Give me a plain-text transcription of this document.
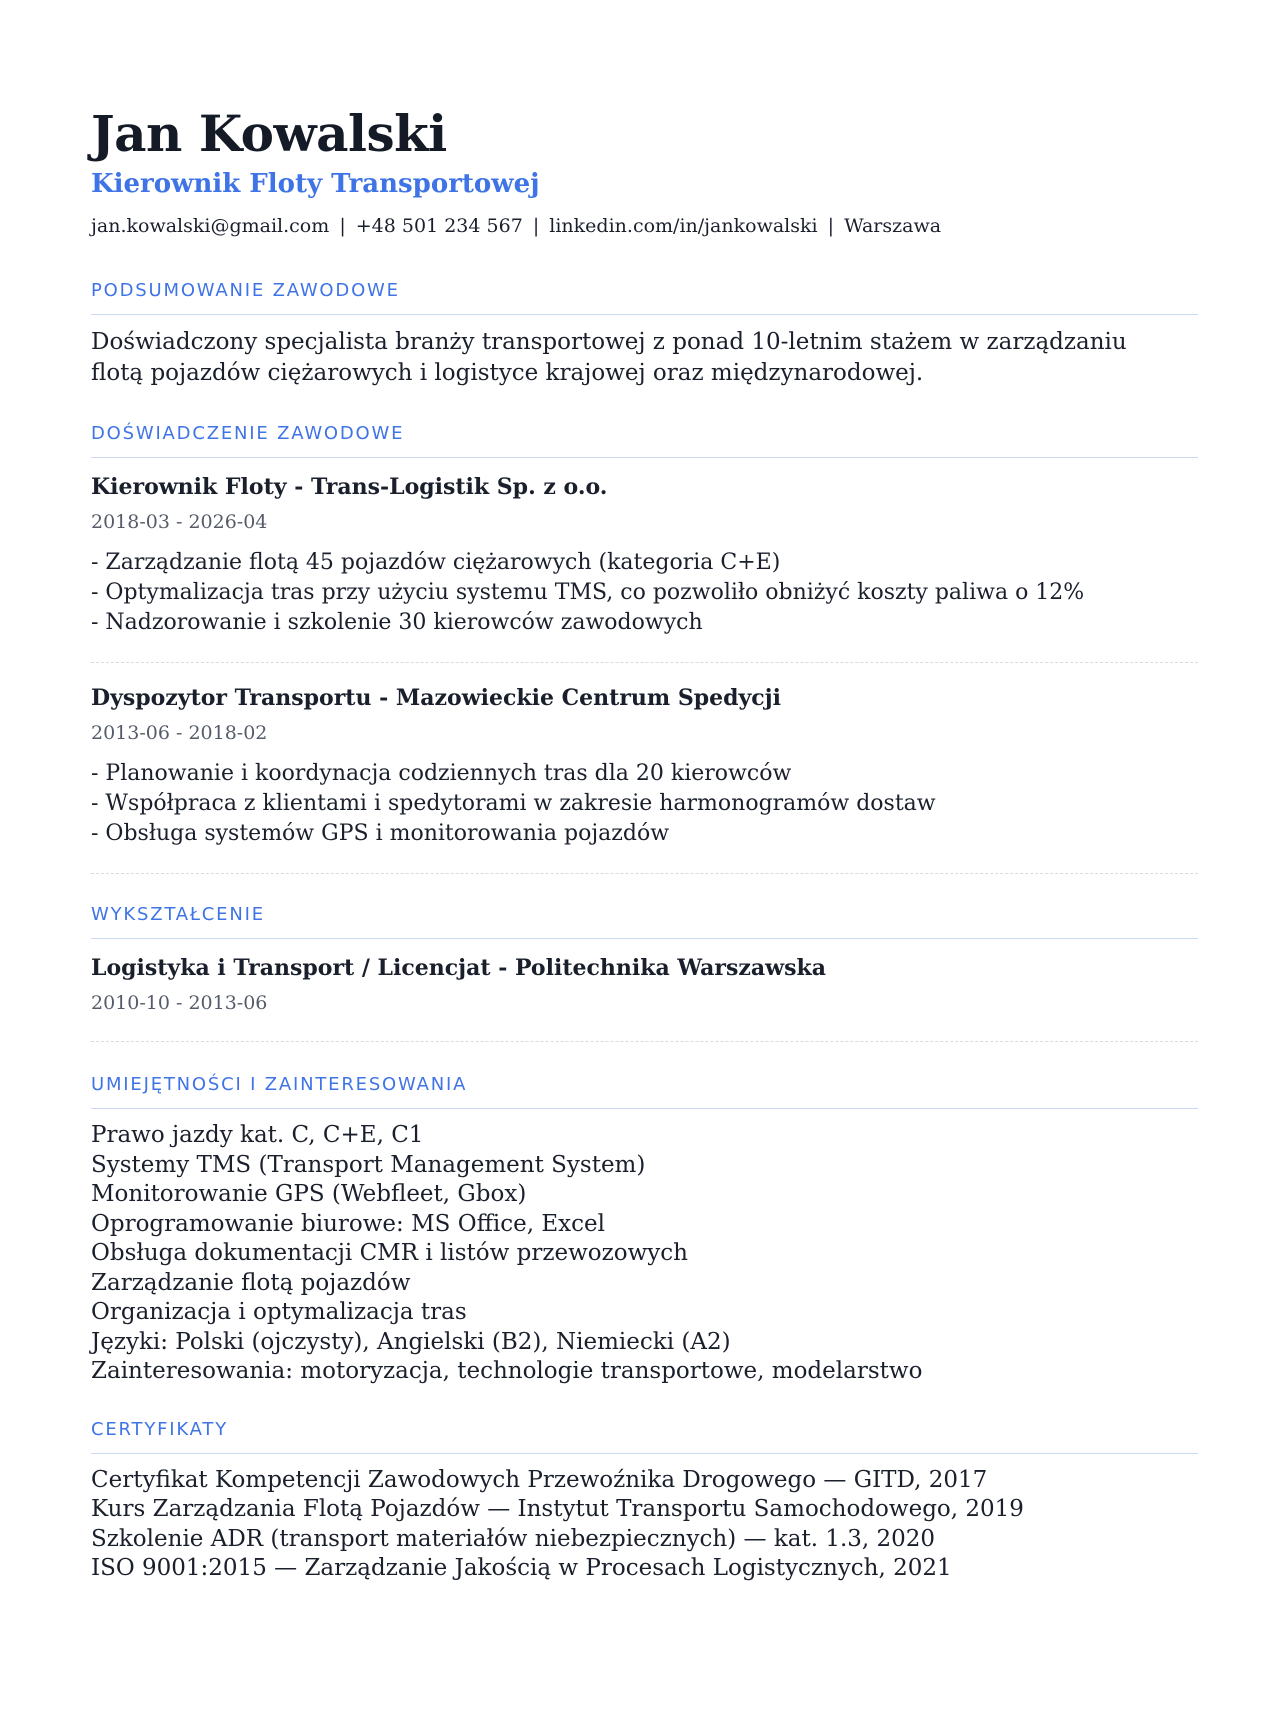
Jan Kowalski
Kierownik Floty Transportowej
jan.kowalski@gmail.com | +48 501 234 567 | linkedin.com/in/jankowalski | Warszawa
PODSUMOWANIE ZAWODOWE
Doświadczony specjalista branży transportowej z ponad 10-letnim stażem w zarządzaniu
flotą pojazdów ciężarowych i logistyce krajowej oraz międzynarodowej.
DOŚWIADCZENIE ZAWODOWE
Kierownik Floty - Trans-Logistik Sp. z o.o.
2018-03 - 2026-04
- Zarządzanie flotą 45 pojazdów ciężarowych (kategoria C+E)
- Optymalizacja tras przy użyciu systemu TMS, co pozwoliło obniżyć koszty paliwa o 12%
- Nadzorowanie i szkolenie 30 kierowców zawodowych
Dyspozytor Transportu - Mazowieckie Centrum Spedycji
2013-06 - 2018-02
- Planowanie i koordynacja codziennych tras dla 20 kierowców
- Współpraca z klientami i spedytorami w zakresie harmonogramów dostaw
- Obsługa systemów GPS i monitorowania pojazdów
WYKSZTAŁCENIE
Logistyka i Transport / Licencjat - Politechnika Warszawska
2010-10 - 2013-06
UMIEJĘTNOŚCI I ZAINTERESOWANIA
Prawo jazdy kat. C, C+E, C1
Systemy TMS (Transport Management System)
Monitorowanie GPS (Webfleet, Gbox)
Oprogramowanie biurowe: MS Office, Excel
Obsługa dokumentacji CMR i listów przewozowych
Zarządzanie flotą pojazdów
Organizacja i optymalizacja tras
Języki: Polski (ojczysty), Angielski (B2), Niemiecki (A2)
Zainteresowania: motoryzacja, technologie transportowe, modelarstwo
CERTYFIKATY
Certyfikat Kompetencji Zawodowych Przewoźnika Drogowego — GITD, 2017
Kurs Zarządzania Flotą Pojazdów — Instytut Transportu Samochodowego, 2019
Szkolenie ADR (transport materiałów niebezpiecznych) — kat. 1.3, 2020
ISO 9001:2015 — Zarządzanie Jakością w Procesach Logistycznych, 2021
